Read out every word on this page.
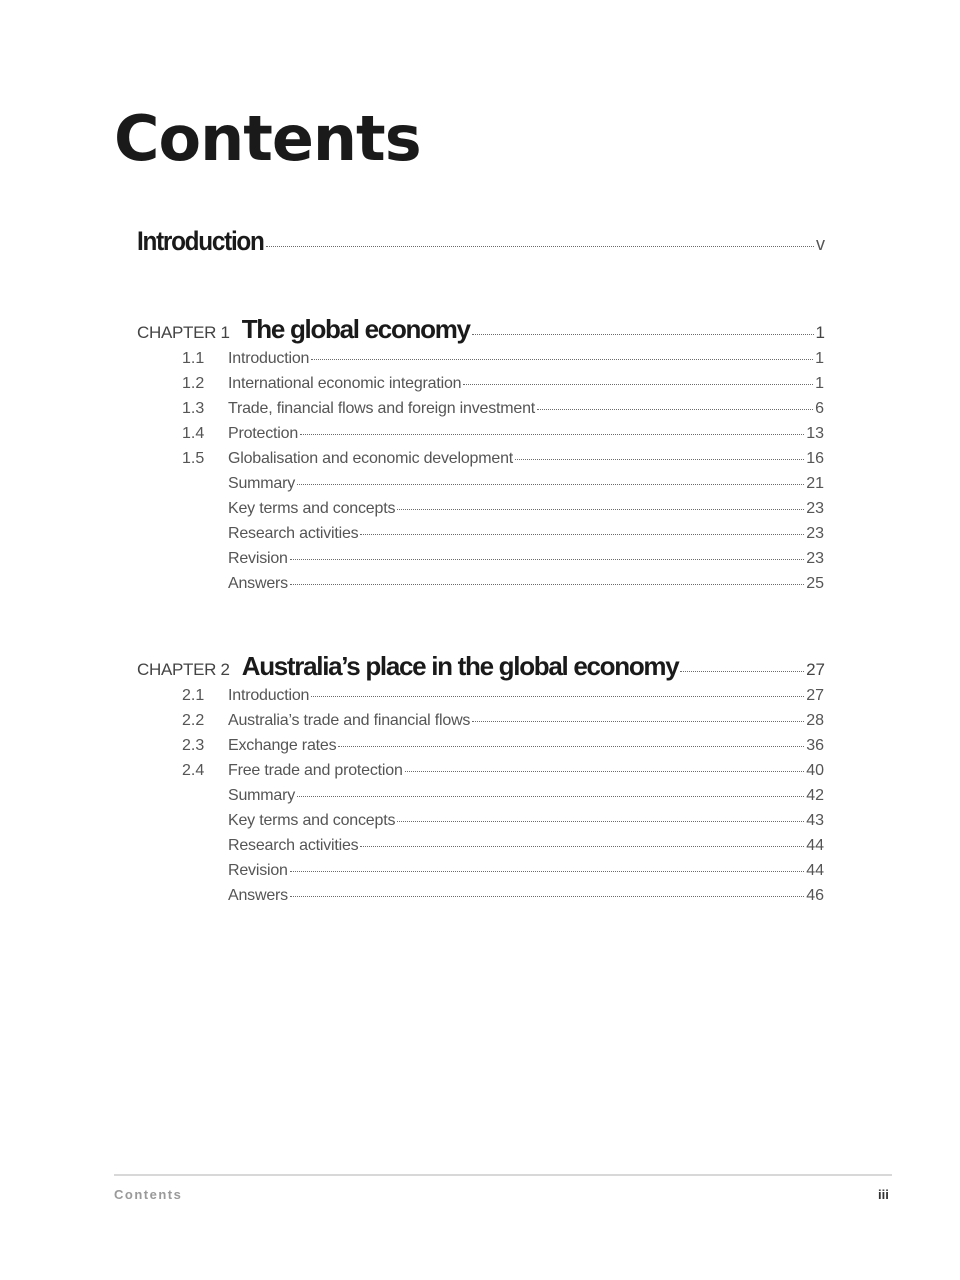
Contents
Introduction	v
CHAPTER 1 The global economy	1
1.1	Introduction	1
1.2	International economic integration	1
1.3	Trade, financial flows and foreign investment	6
1.4	Protection	13
1.5	Globalisation and economic development	16
Summary	21
Key terms and concepts	23
Research activities	23
Revision	23
Answers	25
CHAPTER 2 Australia’s place in the global economy	27
2.1	Introduction	27
2.2	Australia’s trade and financial flows	28
2.3	Exchange rates	36
2.4	Free trade and protection	40
Summary	42
Key terms and concepts	43
Research activities	44
Revision	44
Answers	46
Contents	iii
